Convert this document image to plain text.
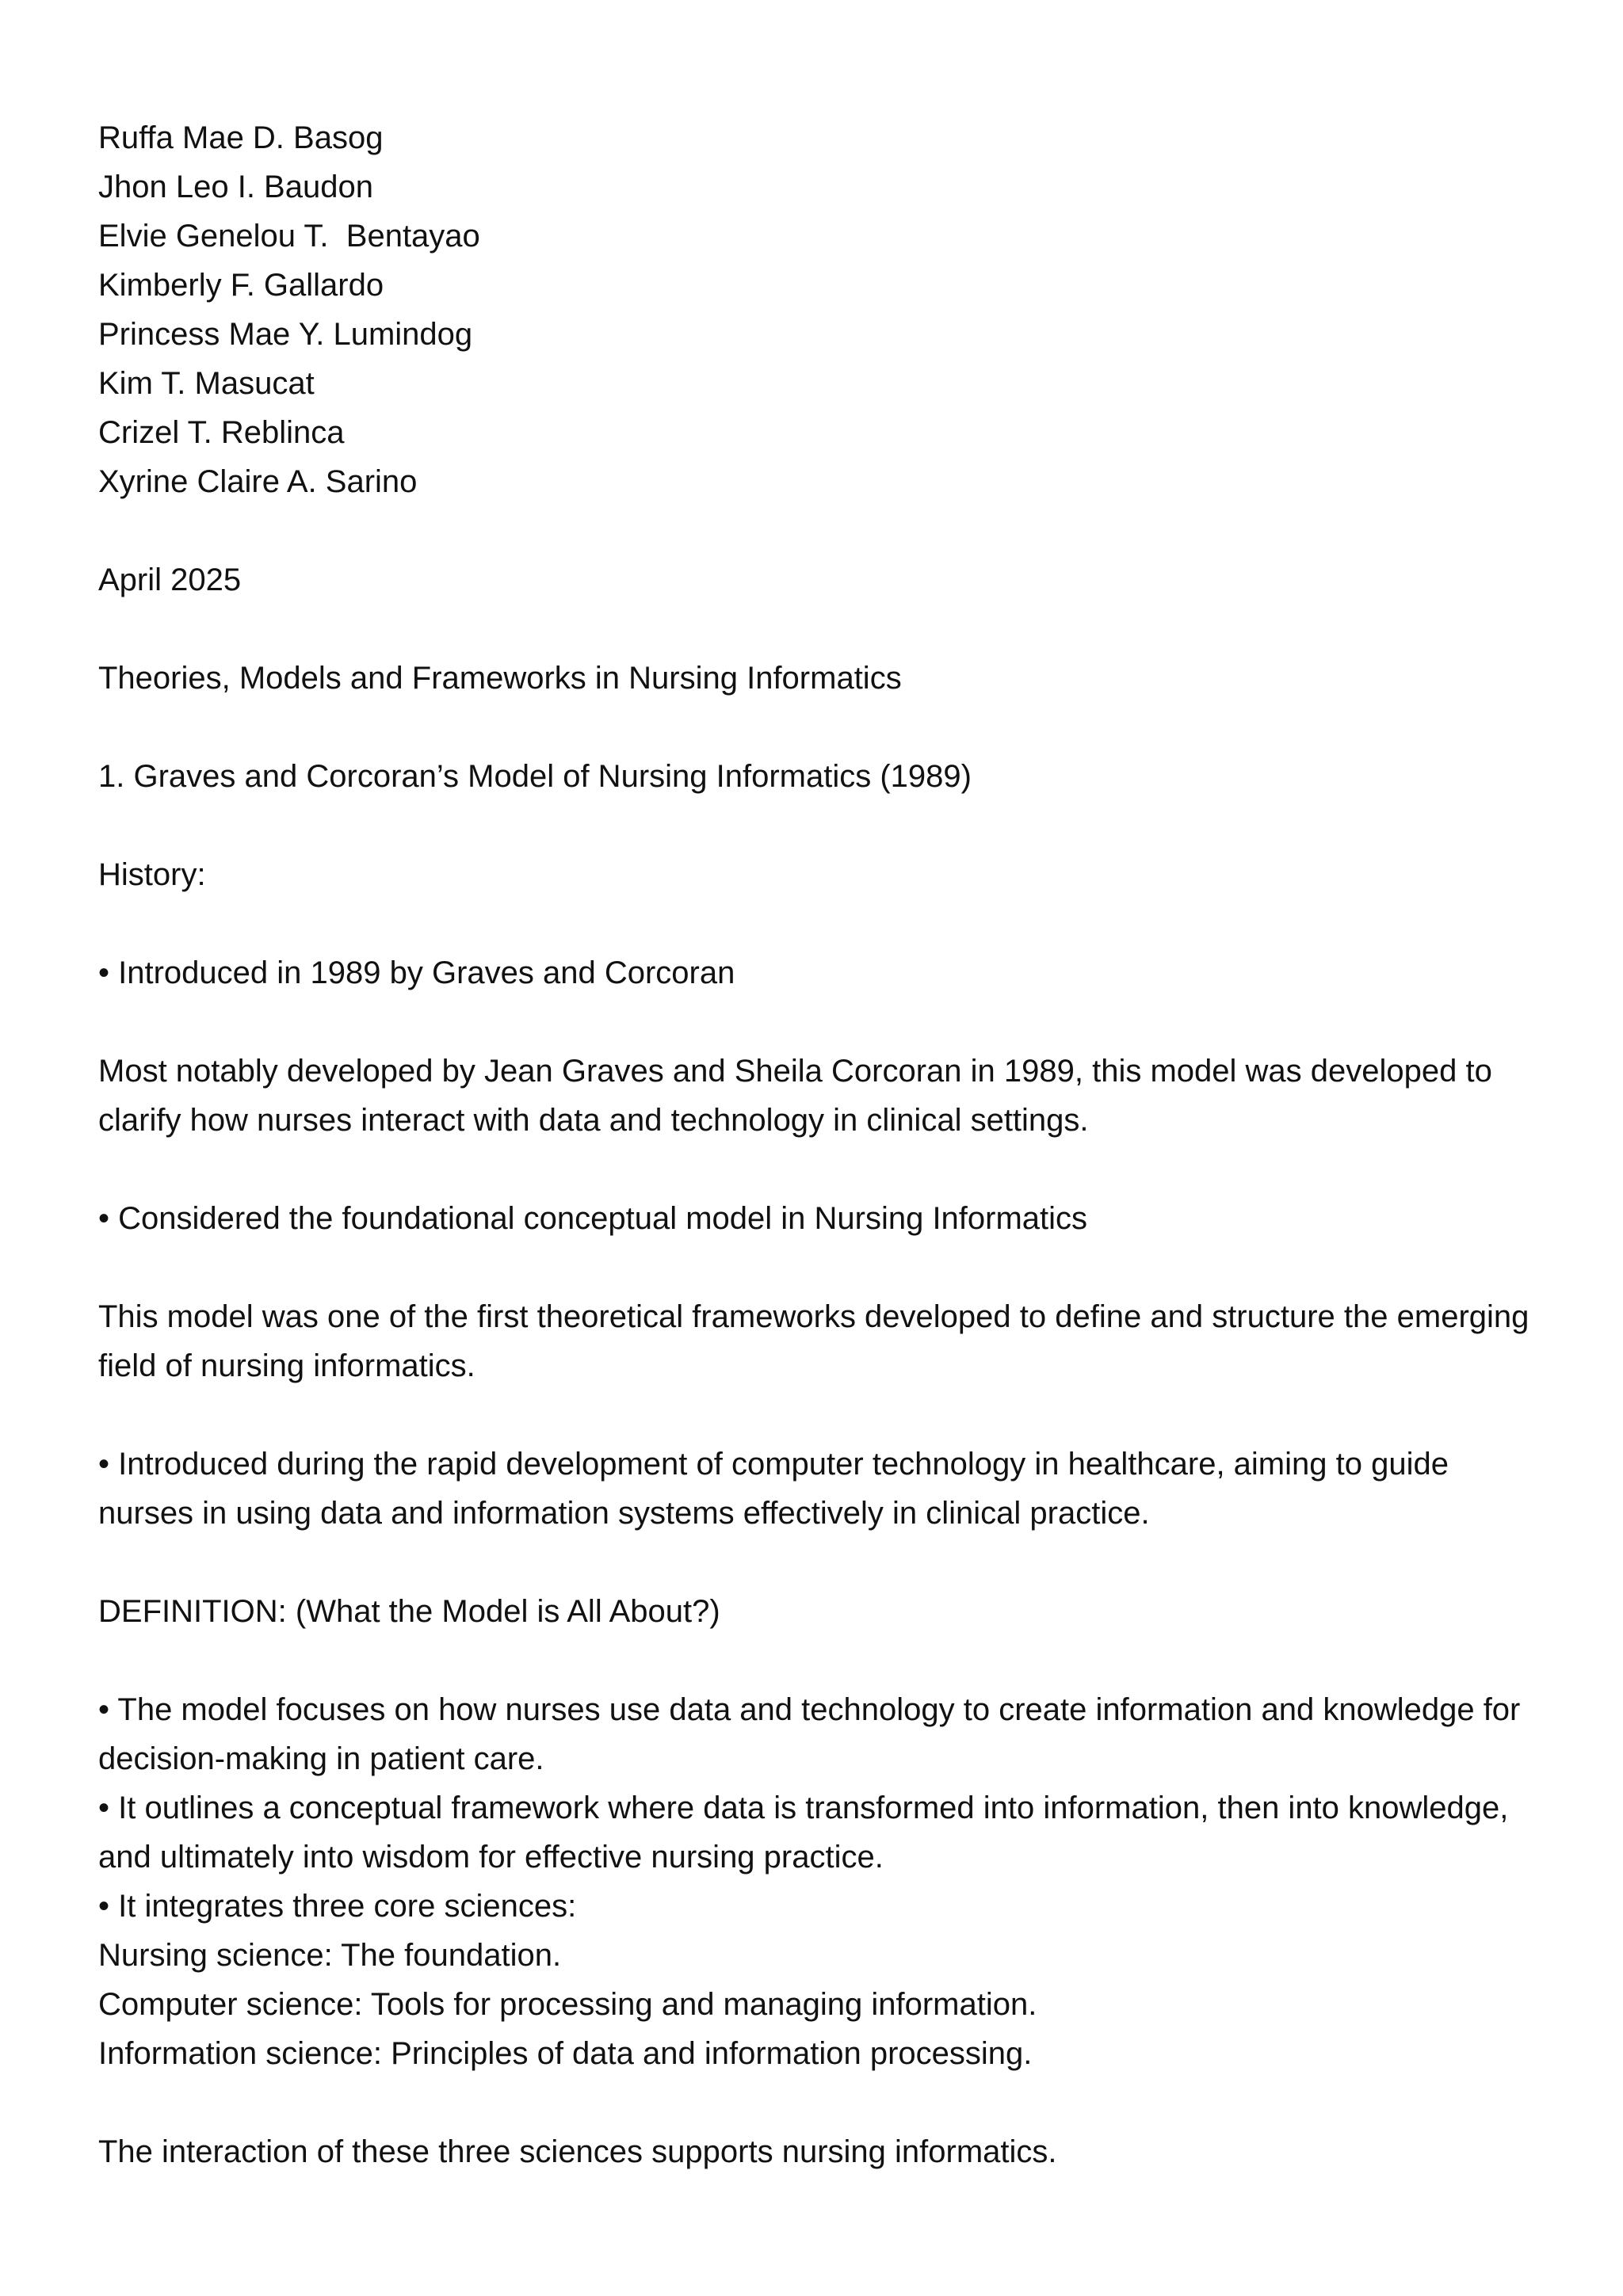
Ruffa Mae D. Basog
Jhon Leo I. Baudon
Elvie Genelou T.  Bentayao
Kimberly F. Gallardo
Princess Mae Y. Lumindog
Kim T. Masucat
Crizel T. Reblinca
Xyrine Claire A. Sarino
April 2025
Theories, Models and Frameworks in Nursing Informatics
1. Graves and Corcoran’s Model of Nursing Informatics (1989)
History:
• Introduced in 1989 by Graves and Corcoran
Most notably developed by Jean Graves and Sheila Corcoran in 1989, this model was developed to clarify how nurses interact with data and technology in clinical settings.
• Considered the foundational conceptual model in Nursing Informatics
This model was one of the first theoretical frameworks developed to define and structure the emerging field of nursing informatics.
• Introduced during the rapid development of computer technology in healthcare, aiming to guide nurses in using data and information systems effectively in clinical practice.
DEFINITION: (What the Model is All About?)
• The model focuses on how nurses use data and technology to create information and knowledge for decision-making in patient care.
• It outlines a conceptual framework where data is transformed into information, then into knowledge, and ultimately into wisdom for effective nursing practice.
• It integrates three core sciences:
Nursing science: The foundation.
Computer science: Tools for processing and managing information.
Information science: Principles of data and information processing.
The interaction of these three sciences supports nursing informatics.
